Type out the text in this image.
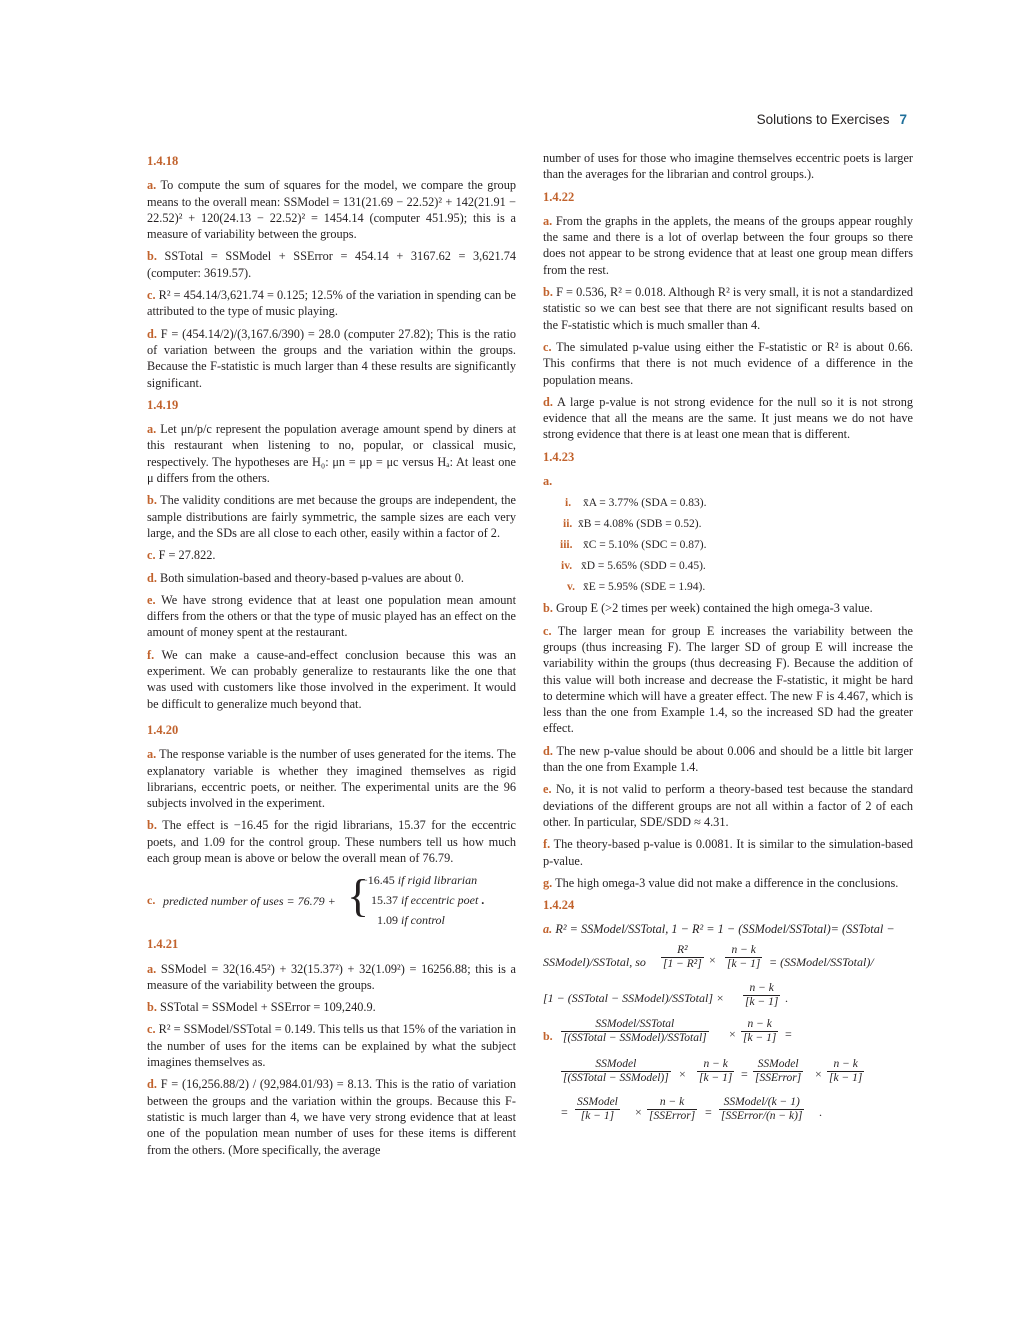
Solutions to Exercises 7
1.4.18
a. To compute the sum of squares for the model, we compare the group means to the overall mean: SSModel = 131(21.69 − 22.52)² + 142(21.91 − 22.52)² + 120(24.13 − 22.52)² = 1454.14 (computer 451.95); this is a measure of variability between the groups.
b. SSTotal = SSModel + SSError = 454.14 + 3167.62 = 3,621.74 (computer: 3619.57).
c. R² = 454.14/3,621.74 = 0.125; 12.5% of the variation in spending can be attributed to the type of music playing.
d. F = (454.14/2)/(3,167.6/390) = 28.0 (computer 27.82); This is the ratio of variation between the groups and the variation within the groups. Because the F-statistic is much larger than 4 these results are significantly significant.
1.4.19
a. Let μn/p/c represent the population average amount spend by diners at this restaurant when listening to no, popular, or classical music, respectively. The hypotheses are H₀: μn = μp = μc versus Hₐ: At least one μ differs from the others.
b. The validity conditions are met because the groups are independent, the sample distributions are fairly symmetric, the sample sizes are each very large, and the SDs are all close to each other, easily within a factor of 2.
c. F = 27.822.
d. Both simulation-based and theory-based p-values are about 0.
e. We have strong evidence that at least one population mean amount differs from the others or that the type of music played has an effect on the amount of money spent at the restaurant.
f. We can make a cause-and-effect conclusion because this was an experiment. We can probably generalize to restaurants like the one that was used with customers like those involved in the experiment. It would be difficult to generalize much beyond that.
1.4.20
a. The response variable is the number of uses generated for the items. The explanatory variable is whether they imagined themselves as rigid librarians, eccentric poets, or neither. The experimental units are the 96 subjects involved in the experiment.
b. The effect is −16.45 for the rigid librarians, 15.37 for the eccentric poets, and 1.09 for the control group. These numbers tell us how much each group mean is above or below the overall mean of 76.79.
c. predicted number of uses = 76.79 + {
−16.45 if rigid librarian
15.37 if eccentric poet .
1.09 if control
1.4.21
a. SSModel = 32(16.45²) + 32(15.37²) + 32(1.09²) = 16256.88; this is a measure of the variability between the groups.
b. SSTotal = SSModel + SSError = 109,240.9.
c. R² = SSModel/SSTotal = 0.149. This tells us that 15% of the variation in the number of uses for the items can be explained by what the subject imagines themselves as.
d. F = (16,256.88/2) / (92,984.01/93) = 8.13. This is the ratio of variation between the groups and the variation within the groups. Because this F-statistic is much larger than 4, we have very strong evidence that at least one of the population mean number of uses for these items is different from the others. (More specifically, the average
number of uses for those who imagine themselves eccentric poets is larger than the averages for the librarian and control groups.).
1.4.22
a. From the graphs in the applets, the means of the groups appear roughly the same and there is a lot of overlap between the four groups so there does not appear to be strong evidence that at least one group mean differs from the rest.
b. F = 0.536, R² = 0.018. Although R² is very small, it is not a standardized statistic so we can best see that there are not significant results based on the F-statistic which is much smaller than 4.
c. The simulated p-value using either the F-statistic or R² is about 0.66. This confirms that there is not much evidence of a difference in the population means.
d. A large p-value is not strong evidence for the null so it is not strong evidence that all the means are the same. It just means we do not have strong evidence that there is at least one mean that is different.
1.4.23
a.
i. x̄A = 3.77% (SDA = 0.83).
ii. x̄B = 4.08% (SDB = 0.52).
iii. x̄C = 5.10% (SDC = 0.87).
iv. x̄D = 5.65% (SDD = 0.45).
v. x̄E = 5.95% (SDE = 1.94).
b. Group E (>2 times per week) contained the high omega-3 value.
c. The larger mean for group E increases the variability between the groups (thus increasing F). The larger SD of group E will increase the variability within the groups (thus decreasing F). Because the addition of this value will both increase and decrease the F-statistic, it might be hard to determine which will have a greater effect. The new F is 4.467, which is less than the one from Example 1.4, so the increased SD had the greater effect.
d. The new p-value should be about 0.006 and should be a little bit larger than the one from Example 1.4.
e. No, it is not valid to perform a theory-based test because the standard deviations of the different groups are not all within a factor of 2 of each other. In particular, SDE/SDD ≈ 4.31.
f. The theory-based p-value is 0.0081. It is similar to the simulation-based p-value.
g. The high omega-3 value did not make a difference in the conclusions.
1.4.24
a. R² = SSModel/SSTotal, 1 − R² = 1 − (SSModel/SSTotal)= (SSTotal −
SSModel)/SSTotal, so $\frac{\text{R²}}{\text{[1 − R²]}} \times \frac{n - k}{[k - 1]}$ = (SSModel/SSTotal)/
[1 − (SSTotal − SSModel)/SSTotal] × $\frac{n - k}{[k - 1]}$ .
b.
SSModel/SSTotal
[(SSTotal − SSModel)/SSTotal] × $\frac{n - k}{[k - 1]}$ =
SSModel
[(SSTotal − SSModel)] × $\frac{n - k}{[k - 1]}$ =
SSModel
[SSError] × $\frac{n - k}{[k - 1]}$
=
SSModel
[k − 1]	×
n − k
[SSError] =
SSModel/(k − 1)
[SSError/(n − k)] .
